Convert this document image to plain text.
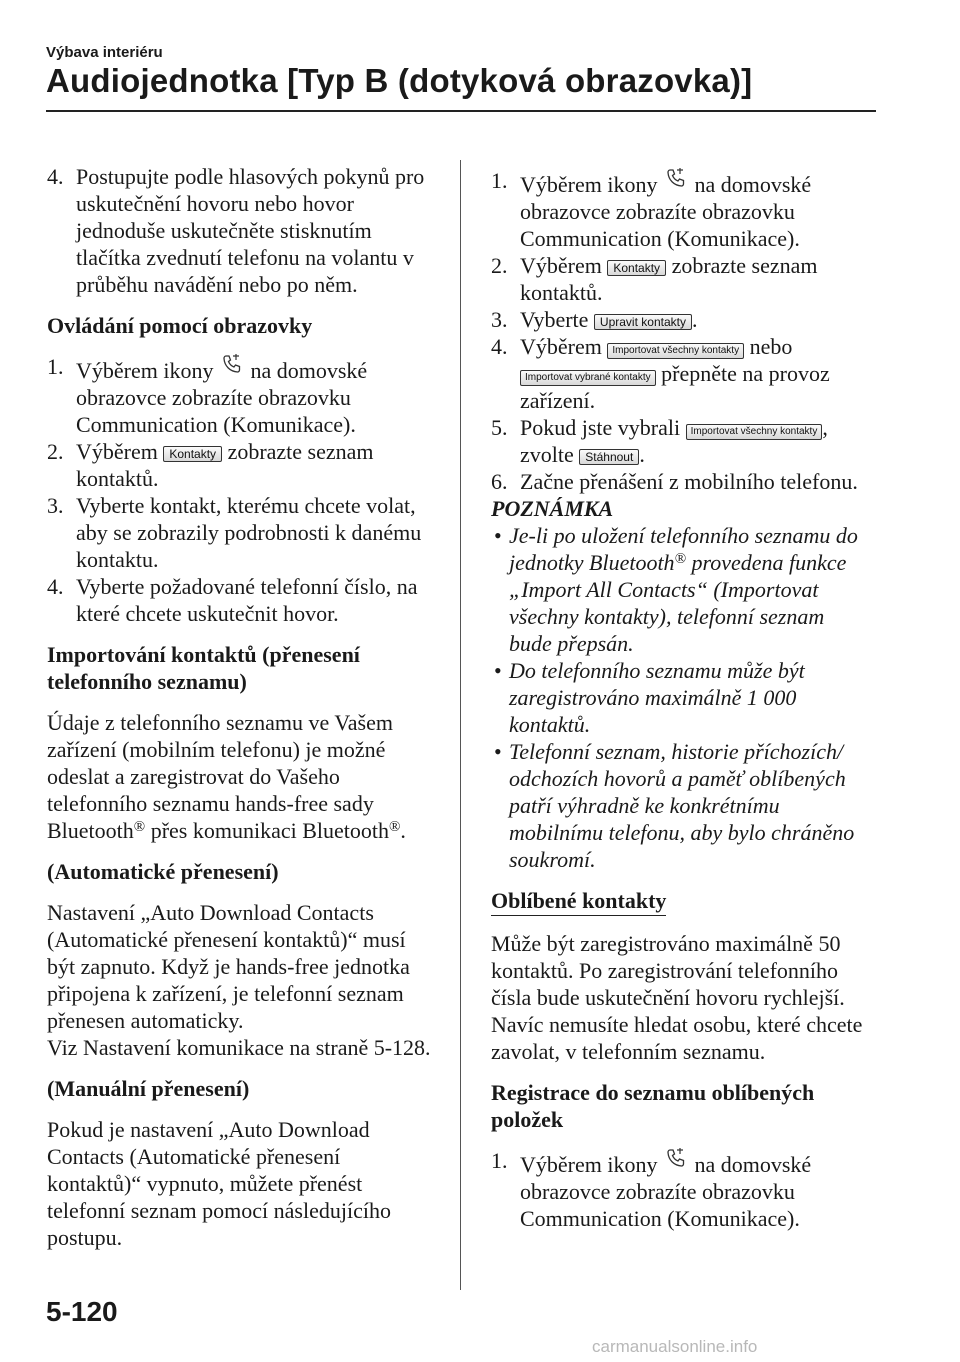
Výbava interiéru
Audiojednotka [Typ B (dotyková obrazovka)]

4. Postupujte podle hlasových pokynů pro uskutečnění hovoru nebo hovor jednoduše uskutečněte stisknutím tlačítka zvednutí telefonu na volantu v průběhu navádění nebo po něm.

Ovládání pomocí obrazovky

1. Výběrem ikony na domovské obrazovce zobrazíte obrazovku Communication (Komunikace).

2. Výběrem Kontakty zobrazte seznam kontaktů.

3. Vyberte kontakt, kterému chcete volat, aby se zobrazily podrobnosti k danému kontaktu.

4. Vyberte požadované telefonní číslo, na které chcete uskutečnit hovor.

Importování kontaktů (přenesení telefonního seznamu)

Údaje z telefonního seznamu ve Vašem zařízení (mobilním telefonu) je možné odeslat a zaregistrovat do Vašeho telefonního seznamu hands-free sady Bluetooth® přes komunikaci Bluetooth®.

(Automatické přenesení)

Nastavení „Auto Download Contacts (Automatické přenesení kontaktů)“ musí být zapnuto. Když je hands-free jednotka připojena k zařízení, je telefonní seznam přenesen automaticky.

Viz Nastavení komunikace na straně 5-128.

(Manuální přenesení)

Pokud je nastavení „Auto Download Contacts (Automatické přenesení kontaktů)“ vypnuto, můžete přenést telefonní seznam pomocí následujícího postupu.

1. Výběrem ikony na domovské obrazovce zobrazíte obrazovku Communication (Komunikace).

2. Výběrem Kontakty zobrazte seznam kontaktů.

3. Vyberte Upravit kontakty .

4. Výběrem Importovat všechny kontakty nebo Importovat vybrané kontakty přepněte na provoz zařízení.

5. Pokud jste vybrali Importovat všechny kontakty , zvolte Stáhnout .

6. Začne přenášení z mobilního telefonu.

POZNÁMKA

• Je-li po uložení telefonního seznamu do jednotky Bluetooth® provedena funkce „Import All Contacts“ (Importovat všechny kontakty), telefonní seznam bude přepsán.

• Do telefonního seznamu může být zaregistrováno maximálně 1 000 kontaktů.

• Telefonní seznam, historie příchozích/ odchozích hovorů a paměť oblíbených patří výhradně ke konkrétnímu mobilnímu telefonu, aby bylo chráněno soukromí.

Oblíbené kontakty

Může být zaregistrováno maximálně 50 kontaktů. Po zaregistrování telefonního čísla bude uskutečnění hovoru rychlejší. Navíc nemusíte hledat osobu, které chcete zavolat, v telefonním seznamu.

Registrace do seznamu oblíbených položek

1. Výběrem ikony na domovské obrazovce zobrazíte obrazovku Communication (Komunikace).

5-120
carmanualsonline.info
